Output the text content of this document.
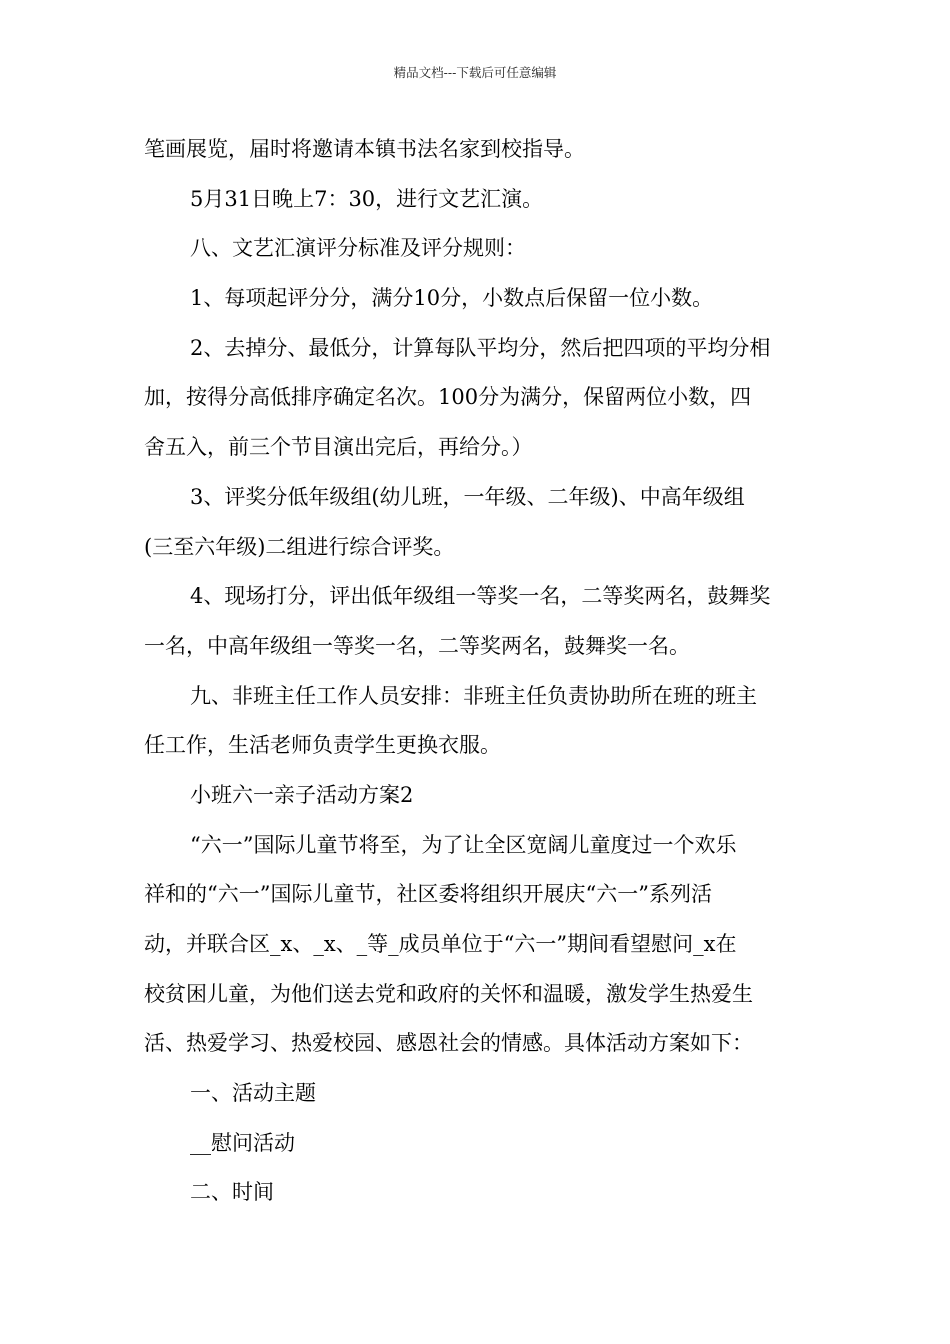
精品文档---下载后可任意编辑
笔画展览，届时将邀请本镇书法名家到校指导。
5月31日晚上7：30，进行文艺汇演。
八、文艺汇演评分标准及评分规则：
1、每项起评分分，满分10分，小数点后保留一位小数。
2、去掉分、最低分，计算每队平均分，然后把四项的平均分相
加，按得分高低排序确定名次。100分为满分，保留两位小数，四
舍五入，前三个节目演出完后，再给分。）
3、评奖分低年级组(幼儿班，一年级、二年级)、中高年级组
(三至六年级)二组进行综合评奖。
4、现场打分，评出低年级组一等奖一名，二等奖两名，鼓舞奖
一名，中高年级组一等奖一名，二等奖两名，鼓舞奖一名。
九、非班主任工作人员安排：非班主任负责协助所在班的班主
任工作，生活老师负责学生更换衣服。
小班六一亲子活动方案2
“六一”国际儿童节将至，为了让全区宽阔儿童度过一个欢乐
祥和的“六一”国际儿童节，社区委将组织开展庆“六一”系列活
动，并联合区_x、_x、_等_成员单位于“六一”期间看望慰问_x在
校贫困儿童，为他们送去党和政府的关怀和温暖，激发学生热爱生
活、热爱学习、热爱校园、感恩社会的情感。具体活动方案如下：
一、活动主题
__慰问活动
二、时间
